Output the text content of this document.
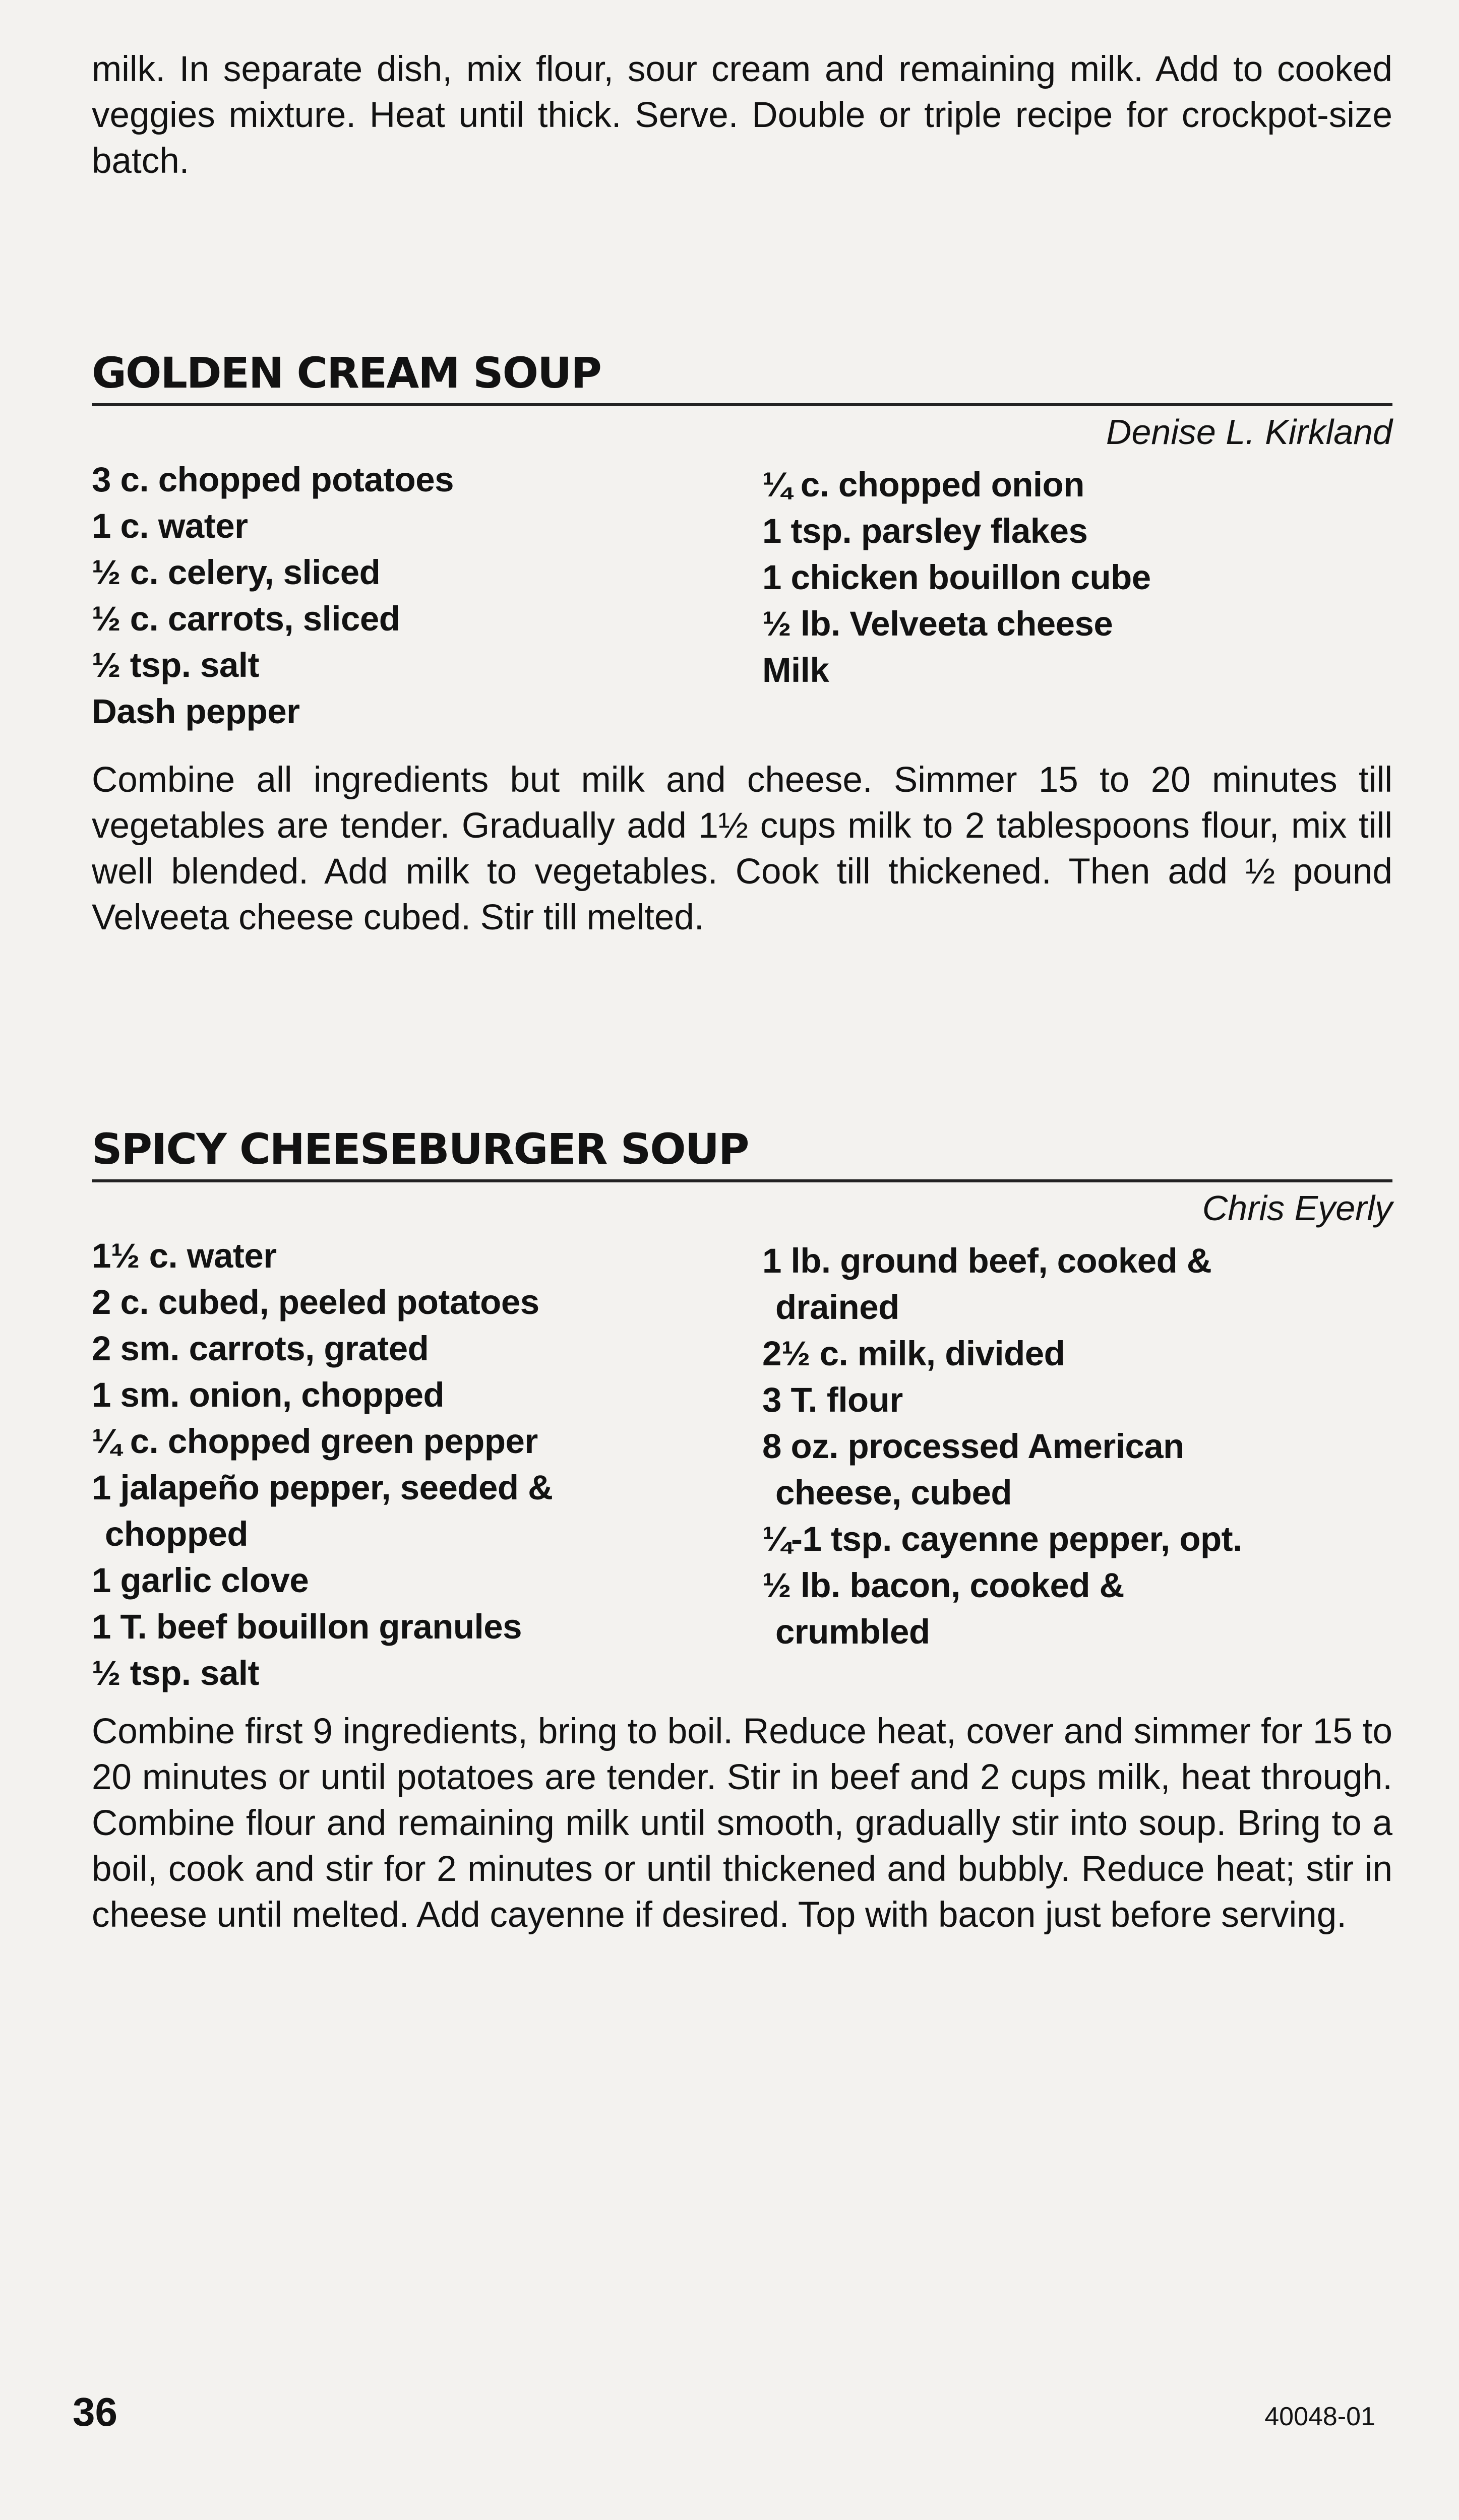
milk. In separate dish, mix flour, sour cream and remaining milk. Add to cooked veggies mixture. Heat until thick. Serve. Double or triple recipe for crockpot-size batch.

GOLDEN CREAM SOUP

Denise L. Kirkland

3 c. chopped potatoes

1 c. water

½ c. celery, sliced

½ c. carrots, sliced

½ tsp. salt

Dash pepper

¼ c. chopped onion

1 tsp. parsley flakes

1 chicken bouillon cube

½ lb. Velveeta cheese

Milk

Combine all ingredients but milk and cheese. Simmer 15 to 20 minutes till vegetables are tender. Gradually add 1½ cups milk to 2 tablespoons flour, mix till well blended. Add milk to vegetables. Cook till thickened. Then add ½ pound Velveeta cheese cubed. Stir till melted.

SPICY CHEESEBURGER SOUP

Chris Eyerly

1½ c. water

2 c. cubed, peeled potatoes

2 sm. carrots, grated

1 sm. onion, chopped

¼ c. chopped green pepper

1 jalapeño pepper, seeded &

chopped

1 garlic clove

1 T. beef bouillon granules

½ tsp. salt

1 lb. ground beef, cooked &

drained

2½ c. milk, divided

3 T. flour

8 oz. processed American

cheese, cubed

¼-1 tsp. cayenne pepper, opt.

½ lb. bacon, cooked &

crumbled

Combine first 9 ingredients, bring to boil. Reduce heat, cover and simmer for 15 to 20 minutes or until potatoes are tender. Stir in beef and 2 cups milk, heat through. Combine flour and remaining milk until smooth, gradually stir into soup. Bring to a boil, cook and stir for 2 minutes or until thickened and bubbly. Reduce heat; stir in cheese until melted. Add cayenne if desired. Top with bacon just before serving.

36	40048-01
